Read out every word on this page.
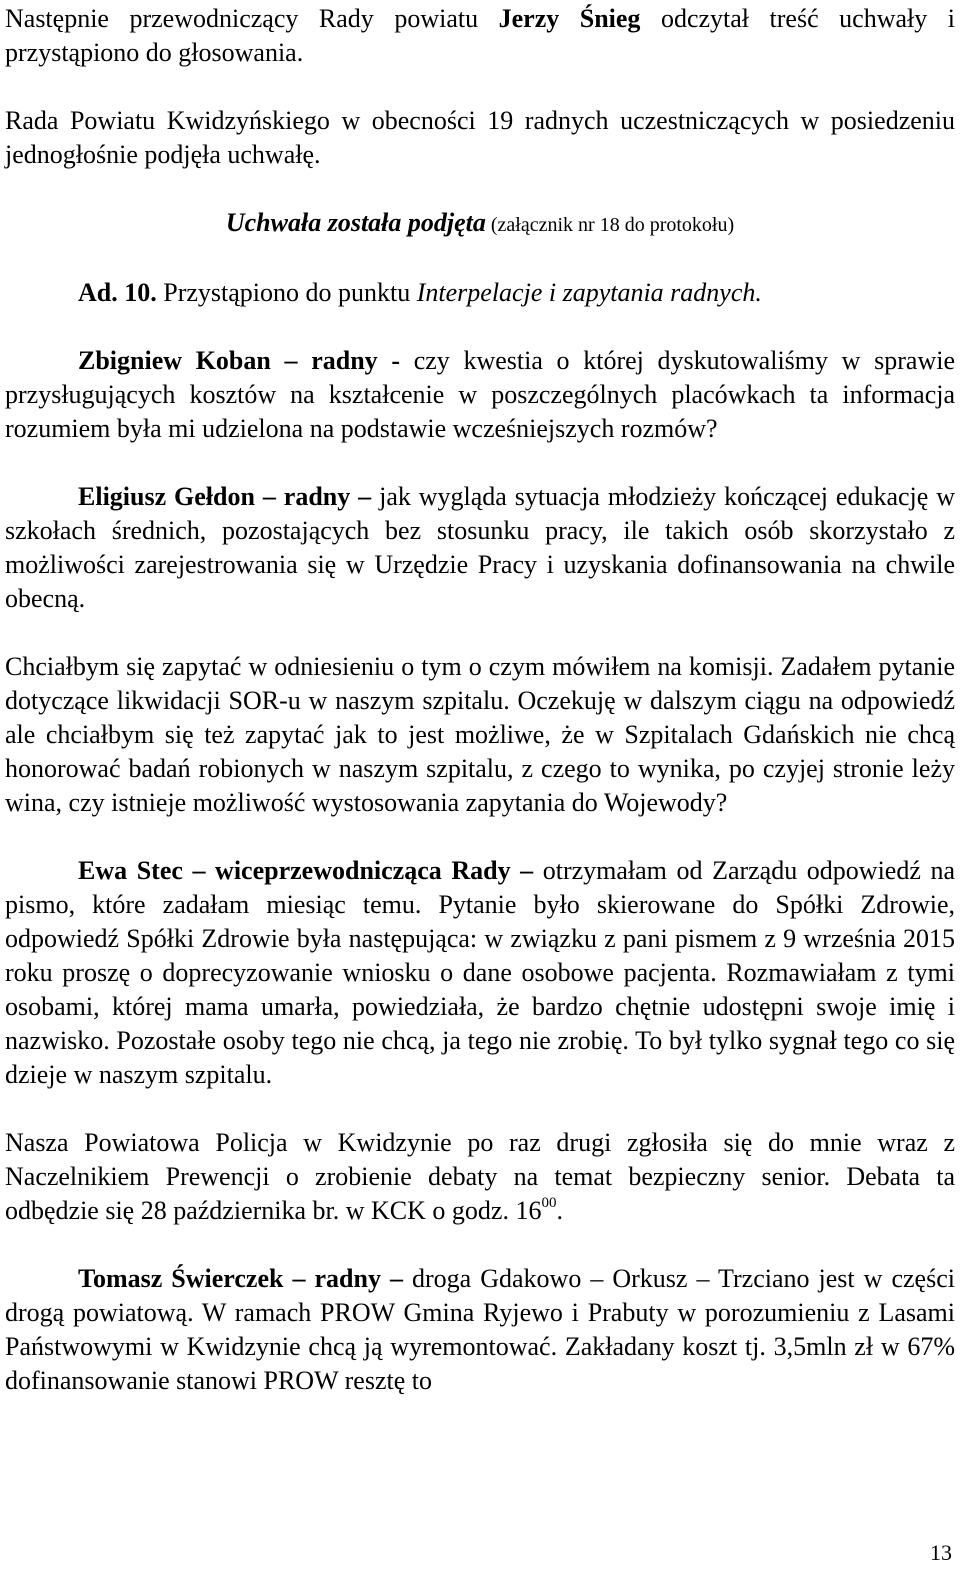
Następnie przewodniczący Rady powiatu Jerzy Śnieg odczytał treść uchwały i przystąpiono do głosowania.

Rada Powiatu Kwidzyńskiego w obecności 19 radnych uczestniczących w posiedzeniu jednogłośnie podjęła uchwałę.

Uchwała została podjęta (załącznik nr 18 do protokołu)

Ad. 10. Przystąpiono do punktu Interpelacje i zapytania radnych.

Zbigniew Koban – radny - czy kwestia o której dyskutowaliśmy w sprawie przysługujących kosztów na kształcenie w poszczególnych placówkach ta informacja rozumiem była mi udzielona na podstawie wcześniejszych rozmów?

Eligiusz Gełdon – radny – jak wygląda sytuacja młodzieży kończącej edukację w szkołach średnich, pozostających bez stosunku pracy, ile takich osób skorzystało z możliwości zarejestrowania się w Urzędzie Pracy i uzyskania dofinansowania na chwile obecną.

Chciałbym się zapytać w odniesieniu o tym o czym mówiłem na komisji. Zadałem pytanie dotyczące likwidacji SOR-u w naszym szpitalu. Oczekuję w dalszym ciągu na odpowiedź ale chciałbym się też zapytać jak to jest możliwe, że w Szpitalach Gdańskich nie chcą honorować badań robionych w naszym szpitalu, z czego to wynika, po czyjej stronie leży wina, czy istnieje możliwość wystosowania zapytania do Wojewody?

Ewa Stec – wiceprzewodnicząca Rady – otrzymałam od Zarządu odpowiedź na pismo, które zadałam miesiąc temu. Pytanie było skierowane do Spółki Zdrowie, odpowiedź Spółki Zdrowie była następująca: w związku z pani pismem z 9 września 2015 roku proszę o doprecyzowanie wniosku o dane osobowe pacjenta. Rozmawiałam z tymi osobami, której mama umarła, powiedziała, że bardzo chętnie udostępni swoje imię i nazwisko. Pozostałe osoby tego nie chcą, ja tego nie zrobię. To był tylko sygnał tego co się dzieje w naszym szpitalu.

Nasza Powiatowa Policja w Kwidzynie po raz drugi zgłosiła się do mnie wraz z Naczelnikiem Prewencji o zrobienie debaty na temat bezpieczny senior. Debata ta odbędzie się 28 października br. w KCK o godz. $16^{00}$.

Tomasz Świerczek – radny – droga Gdakowo – Orkusz – Trzciano jest w części drogą powiatową. W ramach PROW Gmina Ryjewo i Prabuty w porozumieniu z Lasami Państwowymi w Kwidzynie chcą ją wyremontować. Zakładany koszt tj. 3,5mln zł w 67% dofinansowanie stanowi PROW resztę to

13
